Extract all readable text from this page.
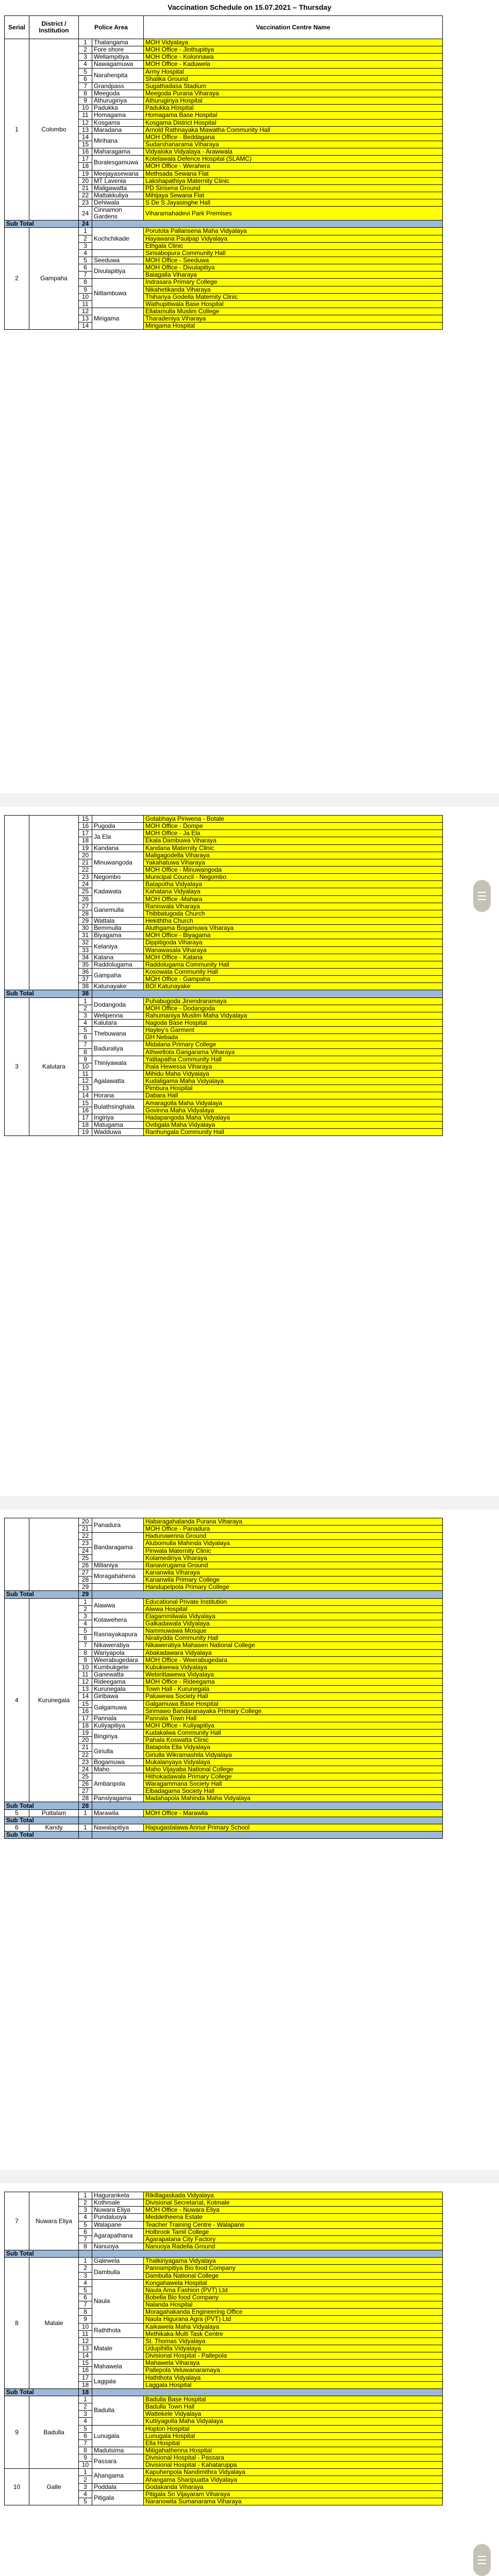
Vaccination Schedule on 15.07.2021 – Thursday
Serial	District / Institution	Police Area		Vaccination Centre Name
1	Colombo	1	Thalangama	MOH Vidyalaya
		2	Fore shore	MOH Office - Jinthupitiya
		3	Wellampitiya	MOH Office - Kolonnawa
		4	Nawagamuwa	MOH Office - Kaduwela
		5	Narahenpita	Army Hospital
		6		Shalika Ground
		7	Grandpass	Sugathadasa Stadium
		8	Meegoda	Meegoda Purana Viharaya
		9	Athurugiriya	Athurugiriya Hospital
		10	Padukka	Padukka Hospital
		11	Homagama	Homagama Base Hospital
		12	Kosgama	Kosgama District Hospital
		13	Maradana	Arnold Rathnayaka Mawatha Community Hall
		14	Mirihana	MOH Office - Beddagana
		15		Sudarshanarama Viharaya
		16	Maharagama	Vidyaloka Vidyalaya - Arawwala
		17	Boralesgamuwa	Kotelawala Defence Hospital (SLAMC)
		18		MOH Office - Werahera
		19	Meejayasewana	Methsada Sewana Flat
		20	MT Lavenia	Lakshapathiya Maternity Clinic
		21	Maligawatta	PD Sirisena Ground
		22	Mattakkuliya	Mihijaya Sewana Flat
		23	Dehiwala	S De S Jayasinghe Hall
		24	Cinnamon Gardens	Viharamahadevi Park Premises
Sub Total		24		
2	Gampaha	1	Kochchikade	Porutota Pallansena Maha Vidyalaya
		2		Hayawana Paulpap Vidyalaya
		3		Ethgala Clinic
		4		Sirisabopura Community Hall
		5	Seeduwa	MOH Office - Seeduwa
		6	Divulapitiya	MOH Office - Divulapitiya
		7		Balagalla Viharaya
		8	Nittambuwa	Indrasara Primary College
		9		Nikahetikanda Viharaya
		10		Thihariya Godella Maternity Clinic
		11		Wathupitiwala Base Hospital
		12	Mirigama	Ellalamulla Muslim College
		13		Tharadeniya Viharaya
		14		Mirigama Hospital
		15		Gotabhaya Piriwena - Botale
		16	Pugoda	MOH Office - Dompe
		17	Ja Ela	MOH Office - Ja Ela
		18		Ekala Dambuwa Viharaya
		19	Kandana	Kandana Maternity Clinic
		20	Minuwangoda	Maligagodella Viharaya
		21		Yakahatuwa Viharaya
		22		MOH Office - Minuwangoda
		23	Negombo	Municipal Council - Negombo
		24	Kadawata	Batapotha Vidyalaya
		25		Kahatana Vidyalaya
		26		MOH Office -Mahara
		27	Ganemulla	Raniswala Viharaya
		28		Thibbatugoda Church
		29	Wattala	Hekiththa Church
		30	Bemmulla	Aluthgama Bogamuwa Viharaya
		31	Biyagama	MOH Office - Biyagama
		32	Kelaniya	Dippitigoda Viharaya
		33		Wanawasala Viharaya
		34	Katana	MOH Office - Katana
		35	Raddolugama	Raddolugama Community Hall
		36	Gampaha	Kosowata Community Hall
		37		MOH Office - Gampaha
		38	Katunayake	BOI Katunayake
Sub Total		38		
3	Kalutara	1	Dodangoda	Puhabugoda Jinendraramaya
		2		MOH Office - Dodangoda
		3	Welipenna	Rahumaniya Muslim Maha Vidyalaya
		4	Kalutara	Nagoda Base Hospital
		5	Thebuwana	Hayley's Garment
		6		GH Nebada
		7	Baduraliya	Midalana Primary College
		8		Athweltota Gangarama Viharaya
		9	Thiniyawala	Yatitapatha Community Hall
		10		Ihala Hewessa Viharaya
		11	Agalawatta	Mihidu Maha Vidyalaya
		12		Kudaligama Maha Vidyalaya
		13		Pimbura Hospital
		14	Horana	Dabara Hall
		15	Bulathsinghala	Amaragolla Maha Vidyalaya
		16		Govinna Maha Vidyalaya
		17	Ingiriya	Hadapangoda Maha Vidyalaya
		18	Matugama	Ovitigala Maha Vidyalaya
		19	Wadduwa	Ranhungala Community Hall
		20	Panadura	Habaragahalanda Purana Viharaya
		21		MOH Office - Panadura
		22	Bandaragama	Haduruwenna Ground
		23		Alubomulla Mahinda Vidyalaya
		24		Pinwala Maternity Clinic
		25		Kolamediriya Viharaya
		26	Millaniya	Ranavirugama Ground
		27	Moragahahena	Kananwila Viharaya
		28		Kananwila Primary College
		29		Handupelpola Primary College
Sub Total		29		
4	Kurunegala	1	Alawwa	Educational Private Institution
		2		Alwwa Hospital
		3	Kotawehera	Elagammilwala Vidyalaya
		4		Galkadawala Vidyalaya
		5	Rasnayakapura	Nammuwawa Mosque
		6		Niraliydda Community Hall
		7	Nikaweratiya	Nikaweratiya Mahasen National College
		8	Wariyapola	Abakadawara Vidyalaya
		9	Weerabugedara	MOH Office - Weerabugedara
		10	Kumbukgete	Kubukwewa Vidyalaya
		11	Ganewatta	Webirittawewa Vidyalaya
		12	Rideegama	MOH Office - Rideegama
		13	Kurunegala	Town Hall - Kurunegala
		14	Giribawa	Paluwewa Society Hall
		15	Galgamuwa	Galgamuwa Base Hospital
		16		Sirimawo Bandaranayaka Primary College
		17	Pannala	Pannala Town Hall
		18	Kuliyapitiya	MOH Office - Kuliyapitiya
		19	Bingiriya	Kudakalwa Community Hall
		20		Pahala Koswatta Clinic
		21	Giriulla	Batapola Ella Vidyalaya
		22		Giriulla Wikramashila Vidyalaya
		23	Bogamuwa	Mukalanyaya Vidyalaya
		24	Maho	Maho Vijayaba National College
		25	Ambanpola	Hithokadawala Primary College
		26		Waragammana Society Hall
		27		Elbadagama Society Hall
		28	Pansiyagama	Madahapola Mahinda Maha Vidyalaya
Sub Total		28		
5	Puttalam	1	Marawila	MOH Office - Marawila
Sub Total				
6	Kandy	1	Nawalapitiya	Hapugastalawa Annur Primary School
Sub Total				
7	Nuwara Eliya	1	Haguranketa	Rikillagaskada Vidyalaya
		2	Kothmale	Divisional Secretariat, Kotmale
		3	Nuwara Eliya	MOH Office - Nuwara Eliya
		4	Pundaluoya	Meddetheena Estate
		5	Walapane	Teacher Training Centre - Walapane
		6	Agarapathana	Holbrook Tamil College
		7		Agarapatana City Factory
		8	Nanuoya	Nanuoya Radella Ground
Sub Total				
8	Matale	1	Galewela	Thalkiriyagama Vidyalaya
		2	Dambulla	Pannampitiya Bio food Company
		3		Dambulla National College
		4	Naula	Kongahawela Hospital
		5		Naula Ama Fashion (PVT) Ltd
		6		Bobella Bio food Company
		7		Nalanda Hospital
		8		Moragahakanda Engineering Office
		9		Naula Higurana Agra (PVT) Ltd
		10	Raththota	Kaikawela Maha Vidyalaya
		11		Methikaka Multi Task Centre
		12	Matale	St. Thomas Vidyalaya
		13		Udupihilla Vidyalaya
		14		Divisional Hospital - Pallepola
		15	Mahawela	Mahawela Viharaya
		16		Pallepola Veluwanaramaya
		17	Laggala	Haththota Vidyalaya
		18		Laggala Hospital
Sub Total		18		
9	Badulla	1	Badulla	Badulla Base Hospital
		2		Badulla Town Hall
		3		Wattekele Vidyalaya
		4		Kuttiyagolla Maha Vidyalaya
		5	Lunugala	Hopton Hospital
		6		Lunugala Hospital
		7		Ella Hospital
		8	Madulsima	Mitigahathenna Hospital
		9	Passara	Divisional Hospital - Passara
		10		Divisional Hospital - Kahataruppa
10	Galle	1	Ahangama	Kapuhenpola Nandimithra Vidyalaya
		2		Ahangama Sharipuatta Vidyalaya
		3	Poddala	Godakanda Viharaya
		4	Pitigala	Pitigala Sri Vijayaram Viharaya
		5		Naranowita Sumanarama Viharaya
